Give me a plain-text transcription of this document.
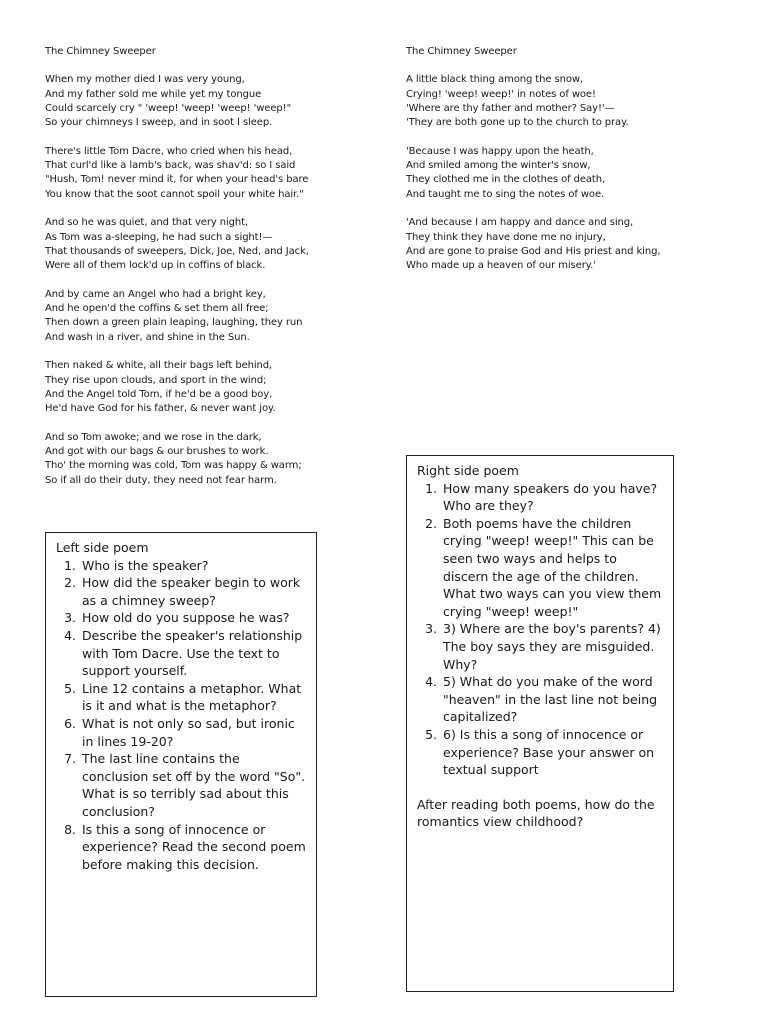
The Chimney Sweeper
When my mother died I was very young,
And my father sold me while yet my tongue
Could scarcely cry " 'weep! 'weep! 'weep! 'weep!"
So your chimneys I sweep, and in soot I sleep.
There's little Tom Dacre, who cried when his head,
That curl'd like a lamb's back, was shav'd: so I said
"Hush, Tom! never mind it, for when your head's bare
You know that the soot cannot spoil your white hair."
And so he was quiet, and that very night,
As Tom was a-sleeping, he had such a sight!—
That thousands of sweepers, Dick, Joe, Ned, and Jack,
Were all of them lock'd up in coffins of black.
And by came an Angel who had a bright key,
And he open'd the coffins & set them all free;
Then down a green plain leaping, laughing, they run
And wash in a river, and shine in the Sun.
Then naked & white, all their bags left behind,
They rise upon clouds, and sport in the wind;
And the Angel told Tom, if he'd be a good boy,
He'd have God for his father, & never want joy.
And so Tom awoke; and we rose in the dark,
And got with our bags & our brushes to work.
Tho' the morning was cold, Tom was happy & warm;
So if all do their duty, they need not fear harm.
The Chimney Sweeper
A little black thing among the snow,
Crying! 'weep! weep!' in notes of woe!
'Where are thy father and mother? Say!'—
'They are both gone up to the church to pray.
'Because I was happy upon the heath,
And smiled among the winter's snow,
They clothed me in the clothes of death,
And taught me to sing the notes of woe.
'And because I am happy and dance and sing,
They think they have done me no injury,
And are gone to praise God and His priest and king,
Who made up a heaven of our misery.'
Left side poem
1. Who is the speaker?
2. How did the speaker begin to work as a chimney sweep?
3. How old do you suppose he was?
4. Describe the speaker's relationship with Tom Dacre. Use the text to support yourself.
5. Line 12 contains a metaphor. What is it and what is the metaphor?
6. What is not only so sad, but ironic in lines 19-20?
7. The last line contains the conclusion set off by the word "So". What is so terribly sad about this conclusion?
8. Is this a song of innocence or experience? Read the second poem before making this decision.
Right side poem
1. How many speakers do you have? Who are they?
2. Both poems have the children crying "weep! weep!" This can be seen two ways and helps to discern the age of the children. What two ways can you view them crying "weep! weep!"
3. 3) Where are the boy's parents? 4) The boy says they are misguided. Why?
4. 5) What do you make of the word "heaven" in the last line not being capitalized?
5. 6) Is this a song of innocence or experience? Base your answer on textual support
After reading both poems, how do the romantics view childhood?
